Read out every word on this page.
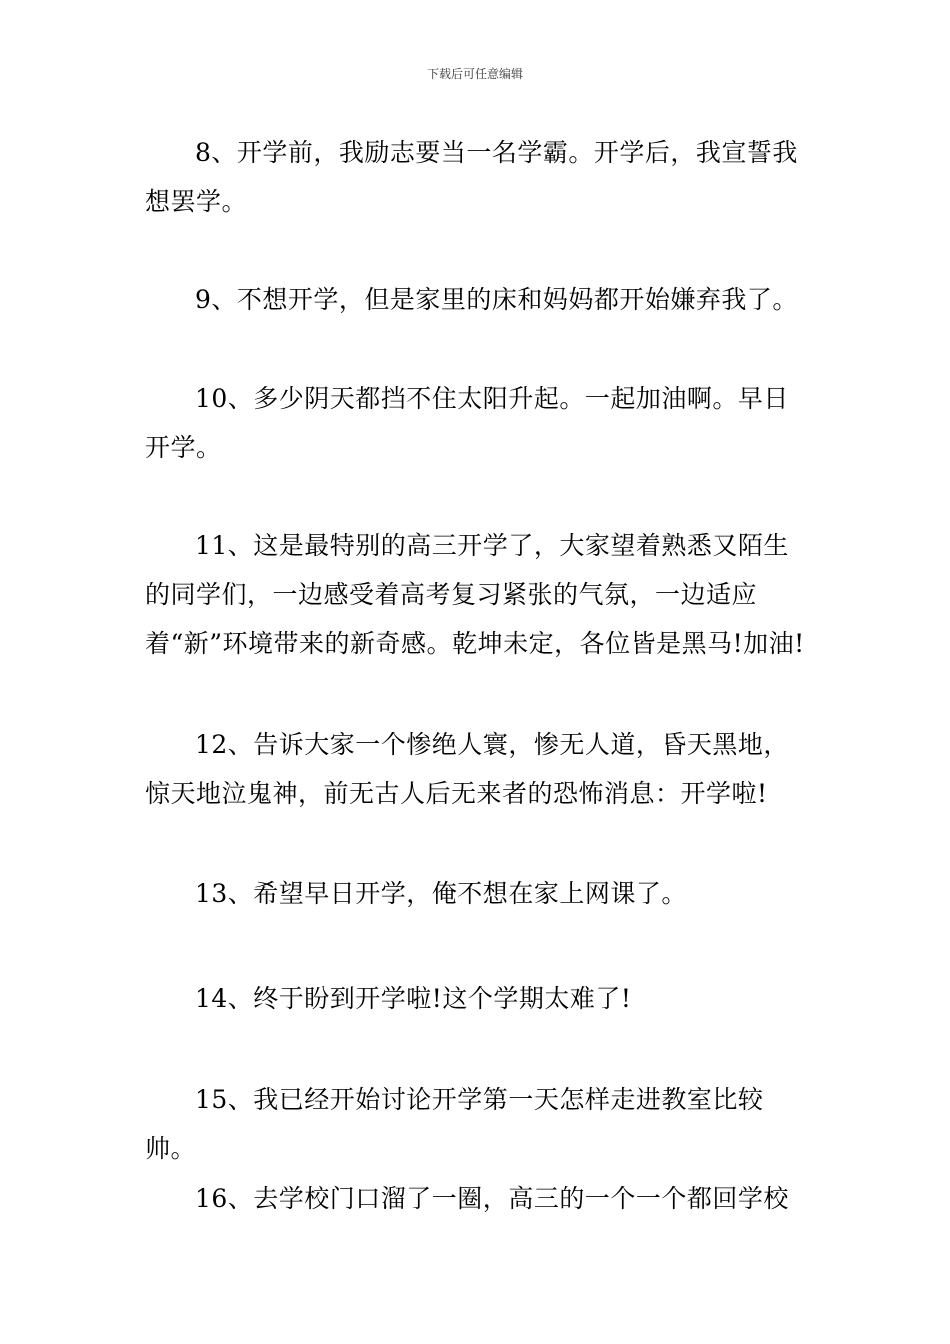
下载后可任意编辑

8、开学前，我励志要当一名学霸。开学后，我宣誓我想罢学。

9、不想开学，但是家里的床和妈妈都开始嫌弃我了。

10、多少阴天都挡不住太阳升起。一起加油啊。早日开学。

11、这是最特别的高三开学了，大家望着熟悉又陌生的同学们，一边感受着高考复习紧张的气氛，一边适应着“新”环境带来的新奇感。乾坤未定，各位皆是黑马!加油!

12、告诉大家一个惨绝人寰，惨无人道，昏天黑地，惊天地泣鬼神，前无古人后无来者的恐怖消息：开学啦!

13、希望早日开学，俺不想在家上网课了。

14、终于盼到开学啦!这个学期太难了!

15、我已经开始讨论开学第一天怎样走进教室比较帅。

16、去学校门口溜了一圈，高三的一个一个都回学校
